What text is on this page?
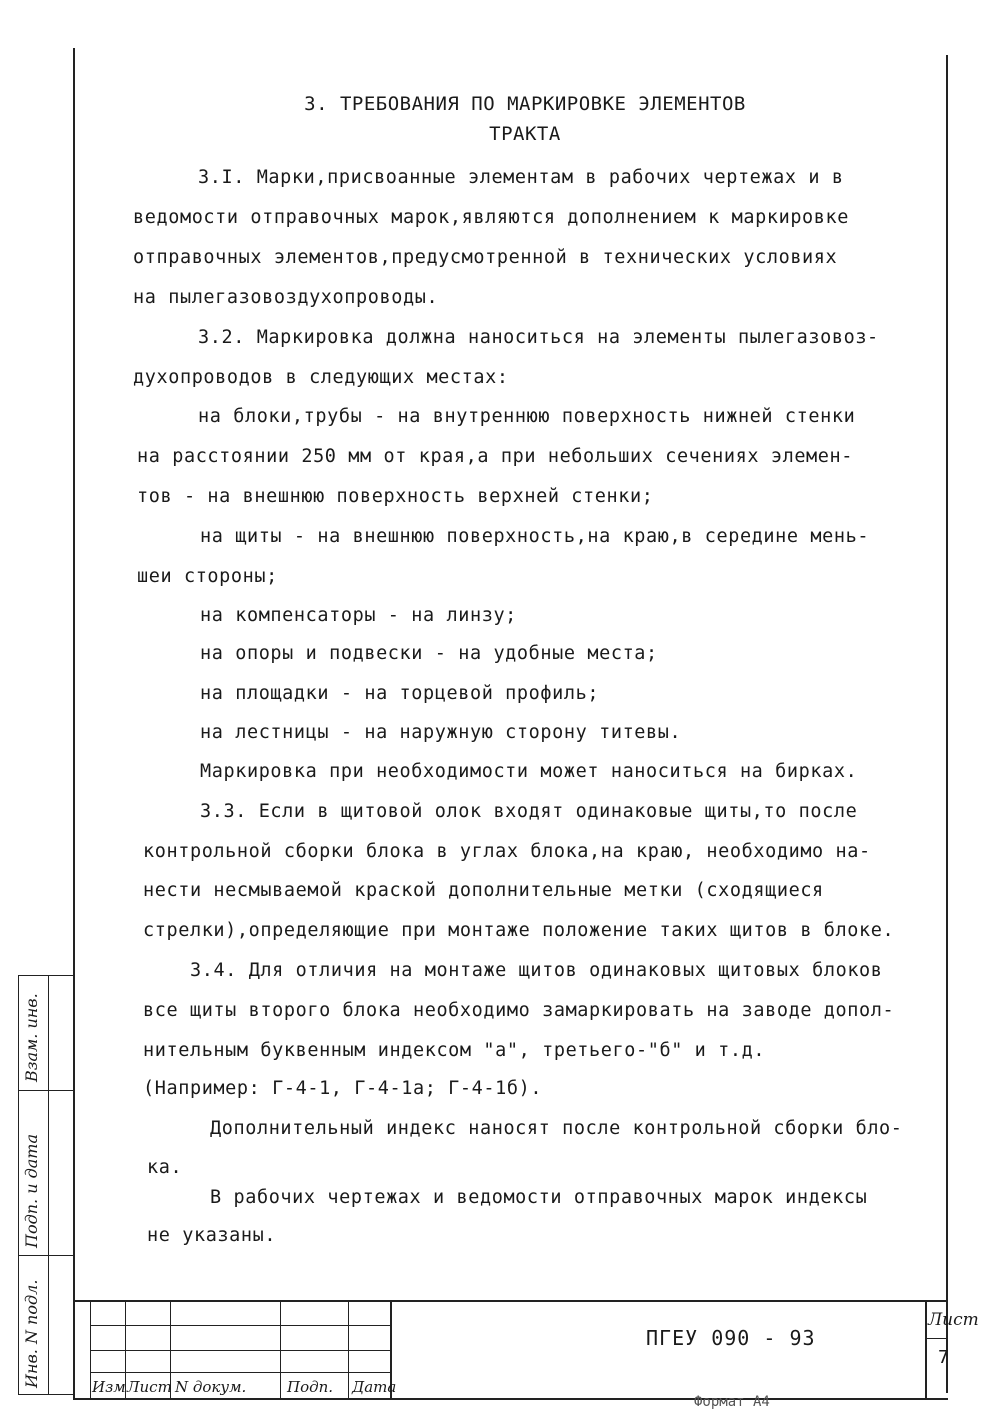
Инв. N подл.
Подп. и дата
Взам. инв.
3. ТРЕБОВАНИЯ ПО МАРКИРОВКЕ ЭЛЕМЕНТОВ
ТРАКТА
3.I. Марки,присвоанные элементам в рабочих чертежах и в
ведомости отправочных марок,являются дополнением к маркировке
отправочных элементов,предусмотренной в технических условиях
на пылегазовоздухопроводы.
3.2. Маркировка должна наноситься на элементы пылегазовоз-
духопроводов в следующих местах:
на блоки,трубы - на внутреннюю поверхность нижней стенки
на расстоянии 250 мм от края,а при небольших сечениях элемен-
тов - на внешнюю поверхность верхней стенки;
на щиты - на внешнюю поверхность,на краю,в середине мень-
шеи стороны;
на компенсаторы - на линзу;
на опоры и подвески - на удобные места;
на площадки - на торцевой профиль;
на лестницы - на наружную сторону титевы.
Маркировка при необходимости может наноситься на бирках.
3.3. Если в щитовой олок входят одинаковые щиты,то после
контрольной сборки блока в углах блока,на краю, необходимо на-
нести несмываемой краской дополнительные метки (сходящиеся
стрелки),определяющие при монтаже положение таких щитов в блоке.
3.4. Для отличия на монтаже щитов одинаковых щитовых блоков
все щиты второго блока необходимо замаркировать на заводе допол-
нительным буквенным индексом "а", третьего-"б" и т.д.
(Например: Г-4-1, Г-4-1а; Г-4-1б).
Дополнительный индекс наносят после контрольной сборки бло-
ка.
В рабочих чертежах и ведомости отправочных марок индексы
не указаны.
Изм Лист N докум.	Подп. Дата
ПГЕУ 090 - 93
Лист
7
Формат А4
